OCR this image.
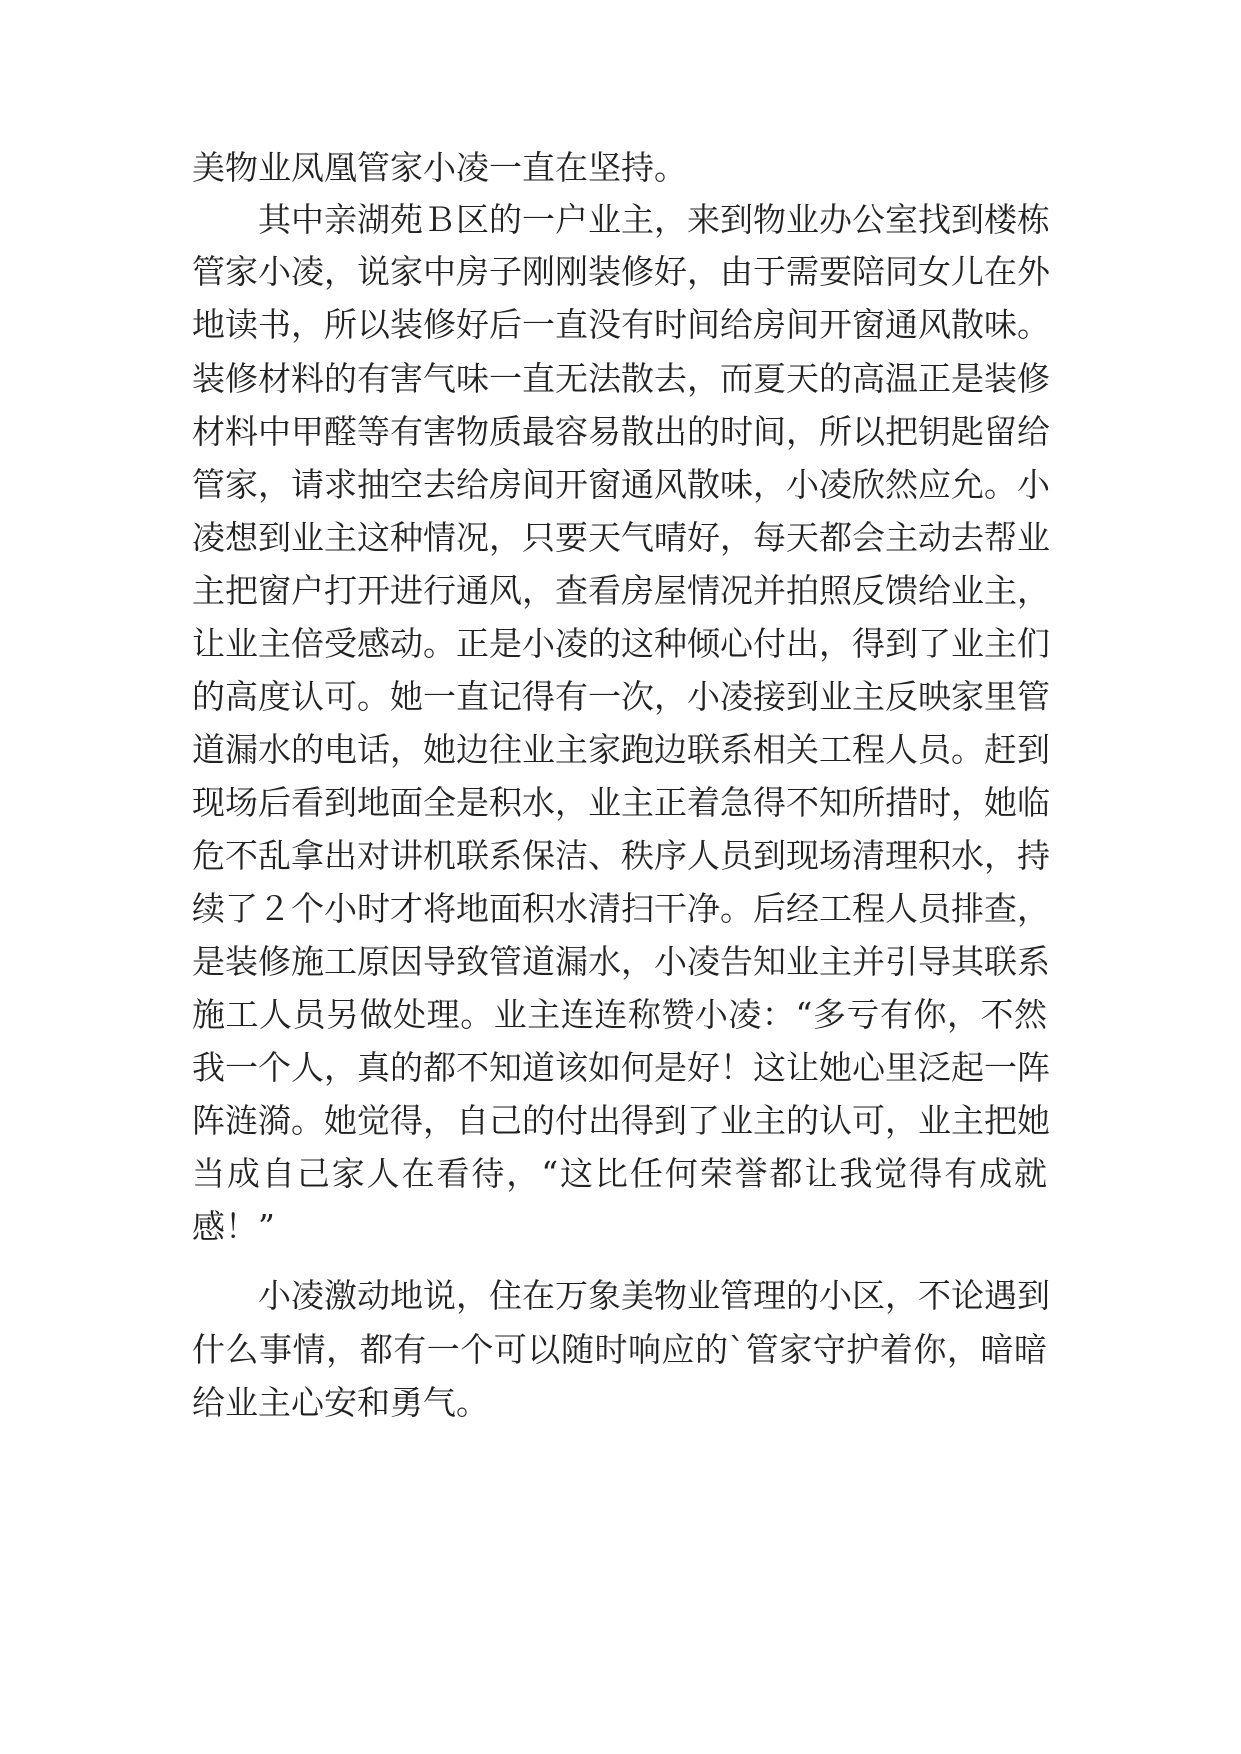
美物业凤凰管家小凌一直在坚持。
其中亲湖苑Ｂ区的一户业主，来到物业办公室找到楼栋
管家小凌，说家中房子刚刚装修好，由于需要陪同女儿在外
地读书，所以装修好后一直没有时间给房间开窗通风散味。
装修材料的有害气味一直无法散去，而夏天的高温正是装修
材料中甲醛等有害物质最容易散出的时间，所以把钥匙留给
管家，请求抽空去给房间开窗通风散味，小凌欣然应允。小
凌想到业主这种情况，只要天气晴好，每天都会主动去帮业
主把窗户打开进行通风，查看房屋情况并拍照反馈给业主，
让业主倍受感动。正是小凌的这种倾心付出，得到了业主们
的高度认可。她一直记得有一次，小凌接到业主反映家里管
道漏水的电话，她边往业主家跑边联系相关工程人员。赶到
现场后看到地面全是积水，业主正着急得不知所措时，她临
危不乱拿出对讲机联系保洁、秩序人员到现场清理积水，持
续了２个小时才将地面积水清扫干净。后经工程人员排查，
是装修施工原因导致管道漏水，小凌告知业主并引导其联系
施工人员另做处理。业主连连称赞小凌：“多亏有你，不然
我一个人，真的都不知道该如何是好！这让她心里泛起一阵
阵涟漪。她觉得，自己的付出得到了业主的认可，业主把她
当成自己家人在看待，“这比任何荣誉都让我觉得有成就
感！”
小凌激动地说，住在万象美物业管理的小区，不论遇到
什么事情，都有一个可以随时响应的`管家守护着你，暗暗
给业主心安和勇气。
